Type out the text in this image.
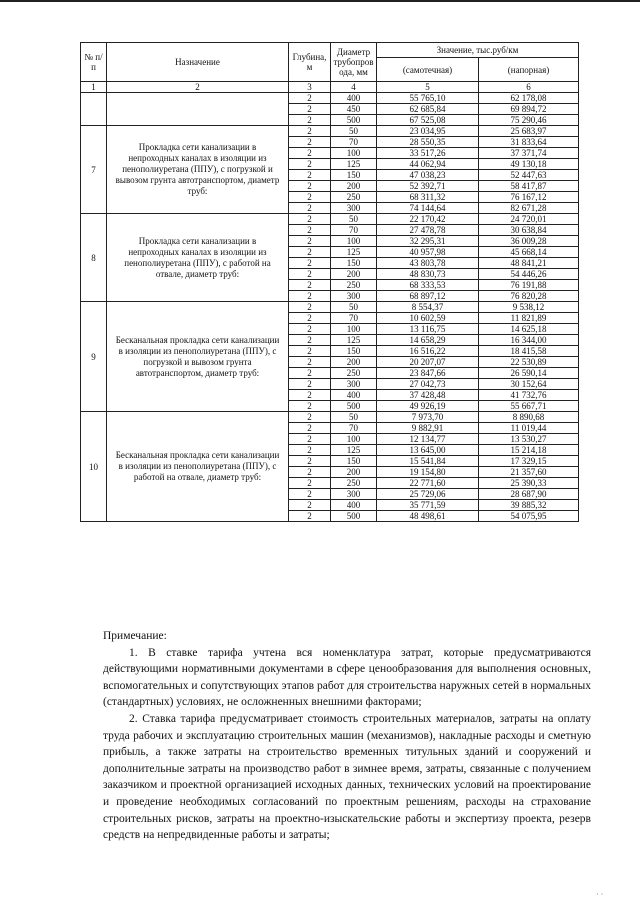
№ п/п	Назначение	Глубина, м	Диаметр трубопров ода, мм	Значение, тыс.руб/км	
				(самотечная)	(напорная)
1	2	3	4	5	6
		2	400	55 765,10	62 178,08
		2	450	62 685,84	69 894,72
		2	500	67 525,08	75 290,46
7	Прокладка сети канализации в непроходных каналах в изоляции из пенополиуретана (ППУ), с погрузкой и вывозом грунта автотранспортом, диаметр труб:	2	50	23 034,95	25 683,97
		2	70	28 550,35	31 833,64
		2	100	33 517,26	37 371,74
		2	125	44 062,94	49 130,18
		2	150	47 038,23	52 447,63
		2	200	52 392,71	58 417,87
		2	250	68 311,32	76 167,12
		2	300	74 144,64	82 671,28
8	Прокладка сети канализации в непроходных каналах в изоляции из пенополиуретана (ППУ), с работой на отвале, диаметр труб:	2	50	22 170,42	24 720,01
		2	70	27 478,78	30 638,84
		2	100	32 295,31	36 009,28
		2	125	40 957,98	45 668,14
		2	150	43 803,78	48 841,21
		2	200	48 830,73	54 446,26
		2	250	68 333,53	76 191,88
		2	300	68 897,12	76 820,28
9	Бесканальная прокладка сети канализации в изоляции из пенополиуретана (ППУ), с погрузкой и вывозом грунта автотранспортом, диаметр труб:	2	50	8 554,37	9 538,12
		2	70	10 602,59	11 821,89
		2	100	13 116,75	14 625,18
		2	125	14 658,29	16 344,00
		2	150	16 516,22	18 415,58
		2	200	20 207,07	22 530,89
		2	250	23 847,66	26 590,14
		2	300	27 042,73	30 152,64
		2	400	37 428,48	41 732,76
		2	500	49 926,19	55 667,71
10	Бесканальная прокладка сети канализации в изоляции из пенополиуретана (ППУ), с работой на отвале, диаметр труб:	2	50	7 973,70	8 890,68
		2	70	9 882,91	11 019,44
		2	100	12 134,77	13 530,27
		2	125	13 645,00	15 214,18
		2	150	15 541,84	17 329,15
		2	200	19 154,80	21 357,60
		2	250	22 771,60	25 390,33
		2	300	25 729,06	28 687,90
		2	400	35 771,59	39 885,32
		2	500	48 498,61	54 075,95

Примечание:

1. В ставке тарифа учтена вся номенклатура затрат, которые предусматриваются действующими нормативными документами в сфере ценообразования для выполнения основных, вспомогательных и сопутствующих этапов работ для строительства наружных сетей в нормальных (стандартных) условиях, не осложненных внешними факторами;

2. Ставка тарифа предусматривает стоимость строительных материалов, затраты на оплату труда рабочих и эксплуатацию строительных машин (механизмов), накладные расходы и сметную прибыль, а также затраты на строительство временных титульных зданий и сооружений и дополнительные затраты на производство работ в зимнее время, затраты, связанные с получением заказчиком и проектной организацией исходных данных, технических условий на проектирование и проведение необходимых согласований по проектным решениям, расходы на страхование строительных рисков, затраты на проектно-изыскательские работы и экспертизу проекта, резерв средств на непредвиденные работы и затраты;

··
